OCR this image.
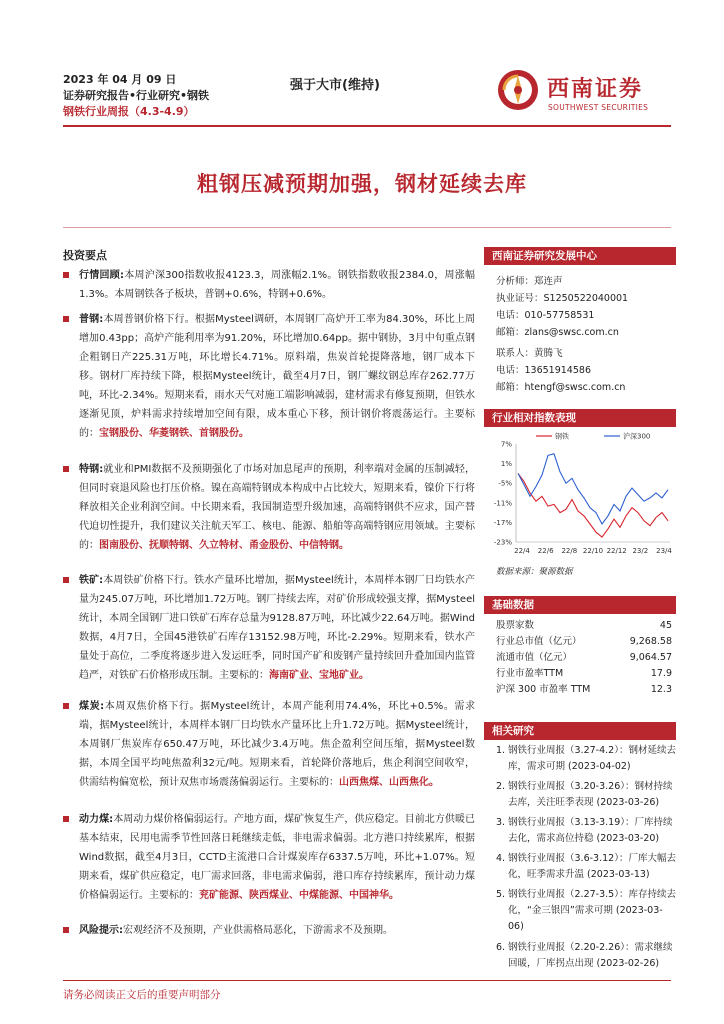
2023 年 04 月 09 日
证券研究报告•行业研究•钢铁
钢铁行业周报（4.3-4.9）
强于大市(维持)	西南证券
SOUTHWEST SECURITIES
粗钢压减预期加强，钢材延续去库
投资要点
行情回顾:本周沪深300指数收报4123.3，周涨幅2.1%。钢铁指数收报2384.0，周涨幅1.3%。本周钢铁各子板块，普钢+0.6%，特钢+0.6%。
普钢:本周普钢价格下行。根据Mysteel调研，本周钢厂高炉开工率为84.30%，环比上周增加0.43pp；高炉产能利用率为91.20%，环比增加0.64pp。据中钢协，3月中旬重点钢企粗钢日产225.31万吨，环比增长4.71%。原料端，焦炭首轮提降落地，钢厂成本下移。钢材厂库持续下降，根据Mysteel统计，截至4月7日，钢厂螺纹钢总库存262.77万吨，环比-2.34%。短期来看，雨水天气对施工端影响减弱，建材需求有修复预期，但铁水逐渐见顶，炉料需求持续增加空间有限，成本重心下移，预计钢价将震荡运行。主要标的：宝钢股份、华菱钢铁、首钢股份。
特钢:就业和PMI数据不及预期强化了市场对加息尾声的预期，利率端对金属的压制减轻，但同时衰退风险也打压价格。镍在高端特钢成本构成中占比较大，短期来看，镍价下行将释放相关企业利润空间。中长期来看，我国制造型升级加速，高端特钢供不应求，国产替代迫切性提升，我们建议关注航天军工、核电、能源、船舶等高端特钢应用领域。主要标的：图南股份、抚顺特钢、久立特材、甬金股份、中信特钢。
铁矿:本周铁矿价格下行。铁水产量环比增加，据Mysteel统计，本周样本钢厂日均铁水产量为245.07万吨，环比增加1.72万吨。钢厂持续去库，对矿价形成较强支撑，据Mysteel统计，本周全国钢厂进口铁矿石库存总量为9128.87万吨，环比减少22.64万吨。据Wind数据，4月7日，全国45港铁矿石库存13152.98万吨，环比-2.29%。短期来看，铁水产量处于高位，二季度将逐步进入发运旺季，同时国产矿和废钢产量持续回升叠加国内监管趋严，对铁矿石价格形成压制。主要标的：海南矿业、宝地矿业。
煤炭:本周双焦价格下行。据Mysteel统计，本周产能利用74.4%，环比+0.5%。需求端，据Mysteel统计，本周样本钢厂日均铁水产量环比上升1.72万吨。据Mysteel统计，本周钢厂焦炭库存650.47万吨，环比减少3.4万吨。焦企盈利空间压缩，据Mysteel数据，本周全国平均吨焦盈利32元/吨。短期来看，首轮降价落地后，焦企利润空间收窄，供需结构偏宽松，预计双焦市场震荡偏弱运行。主要标的：山西焦煤、山西焦化。
动力煤:本周动力煤价格偏弱运行。产地方面，煤矿恢复生产，供应稳定。目前北方供暖已基本结束，民用电需季节性回落日耗继续走低，非电需求偏弱。北方港口持续累库，根据Wind数据，截至4月3日，CCTD主流港口合计煤炭库存6337.5万吨，环比+1.07%。短期来看，煤矿供应稳定，电厂需求回落，非电需求偏弱，港口库存持续累库，预计动力煤价格偏弱运行。主要标的：兖矿能源、陕西煤业、中煤能源、中国神华。
风险提示:宏观经济不及预期，产业供需格局恶化，下游需求不及预期。
西南证券研究发展中心
分析师：郑连声
执业证号：S1250522040001
电话：010-57758531
邮箱：zlans@swsc.com.cn
联系人：黄腾飞
电话：13651914586
邮箱：htengf@swsc.com.cn
行业相对指数表现
7%
1%
-5%
-11%
-17%
-23%
22/4 22/6 22/8 22/10 22/12 23/2 23/4
钢铁	沪深300
数据来源：聚源数据
基础数据
股票家数	45
行业总市值（亿元）	9,268.58
流通市值（亿元）	9,064.57
行业市盈率TTM	17.9
沪深 300 市盈率 TTM	12.3
相关研究
1. 钢铁行业周报（3.27-4.2）：钢材延续去库，需求可期 (2023-04-02)
2. 钢铁行业周报（3.20-3.26）：钢材持续去库，关注旺季表现 (2023-03-26)
3. 钢铁行业周报（3.13-3.19）：厂库持续去化，需求高位持稳 (2023-03-20)
4. 钢铁行业周报（3.6-3.12）：厂库大幅去化，旺季需求升温 (2023-03-13)
5. 钢铁行业周报（2.27-3.5）：库存持续去化，“金三银四”需求可期 (2023-03-06)
6. 钢铁行业周报（2.20-2.26）：需求继续回暖，厂库拐点出现 (2023-02-26)
请务必阅读正文后的重要声明部分
